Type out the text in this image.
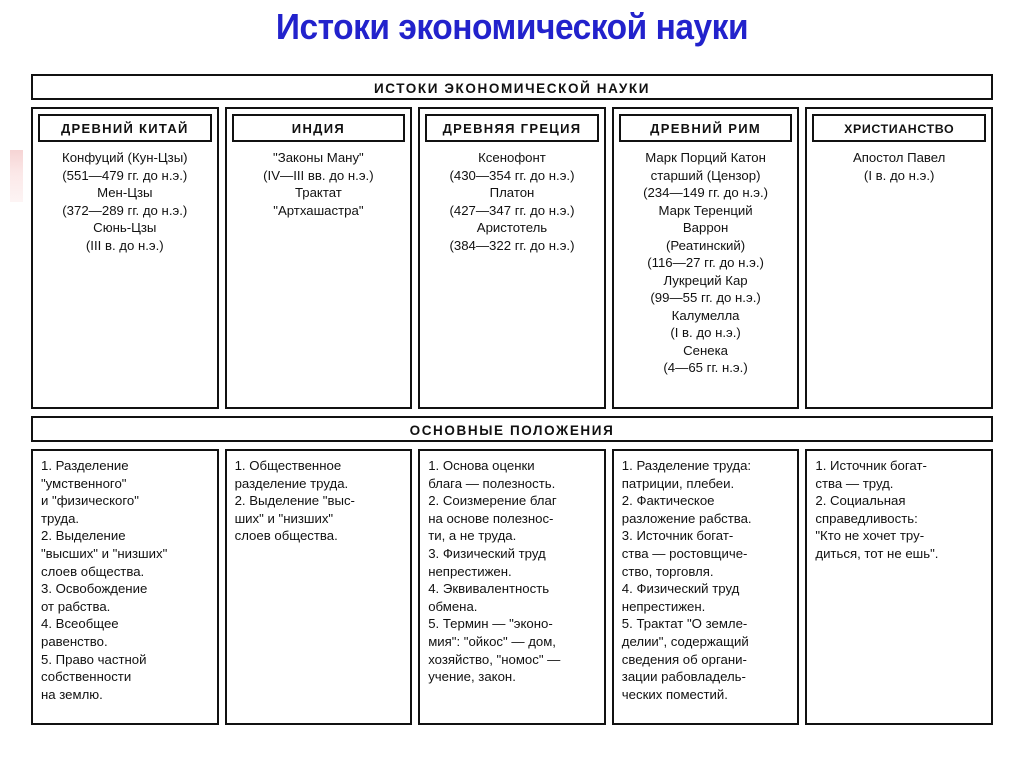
Истоки экономической науки
ИСТОКИ ЭКОНОМИЧЕСКОЙ НАУКИ
ДРЕВНИЙ КИТАЙ
Конфуций (Кун-Цзы)
(551—479 гг. до н.э.)
Мен-Цзы
(372—289 гг. до н.э.)
Сюнь-Цзы
(III в. до н.э.)
ИНДИЯ
"Законы Ману"
(IV—III вв. до н.э.)
Трактат
"Артхашастра"
ДРЕВНЯЯ ГРЕЦИЯ
Ксенофонт
(430—354 гг. до н.э.)
Платон
(427—347 гг. до н.э.)
Аристотель
(384—322 гг. до н.э.)
ДРЕВНИЙ РИМ
Марк Порций Катон
старший (Цензор)
(234—149 гг. до н.э.)
Марк Теренций
Варрон
(Реатинский)
(116—27 гг. до н.э.)
Лукреций Кар
(99—55 гг. до н.э.)
Калумелла
(I в. до н.э.)
Сенека
(4—65 гг. н.э.)
ХРИСТИАНСТВО
Апостол Павел
(I в. до н.э.)
ОСНОВНЫЕ ПОЛОЖЕНИЯ
1. Разделение
"умственного"
и "физического"
труда.
2. Выделение
"высших" и "низших"
слоев общества.
3. Освобождение
от рабства.
4. Всеобщее
равенство.
5. Право частной
собственности
на землю.
1. Общественное
разделение труда.
2. Выделение "выс-
ших" и "низших"
слоев общества.
1. Основа оценки
блага — полезность.
2. Соизмерение благ
на основе полезнос-
ти, а не труда.
3. Физический труд
непрестижен.
4. Эквивалентность
обмена.
5. Термин — "эконо-
мия": "ойкос" — дом,
хозяйство, "номос" —
учение, закон.
1. Разделение труда:
патриции, плебеи.
2. Фактическое
разложение рабства.
3. Источник богат-
ства — ростовщиче-
ство, торговля.
4. Физический труд
непрестижен.
5. Трактат "О земле-
делии", содержащий
сведения об органи-
зации рабовладель-
ческих поместий.
1. Источник богат-
ства — труд.
2. Социальная
справедливость:
"Кто не хочет тру-
диться, тот не ешь".
